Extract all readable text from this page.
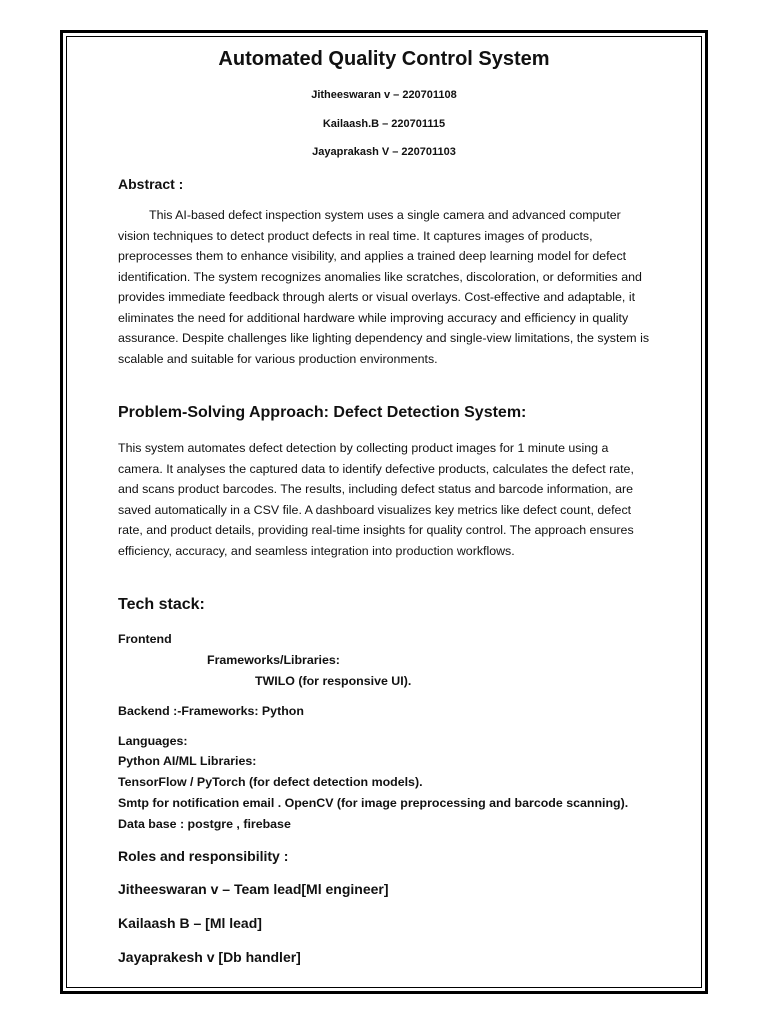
Automated Quality Control System
Jitheeswaran v – 220701108
Kailaash.B – 220701115
Jayaprakash V – 220701103
Abstract :
This AI-based defect inspection system uses a single camera and advanced computer vision techniques to detect product defects in real time. It captures images of products, preprocesses them to enhance visibility, and applies a trained deep learning model for defect identification. The system recognizes anomalies like scratches, discoloration, or deformities and provides immediate feedback through alerts or visual overlays. Cost-effective and adaptable, it eliminates the need for additional hardware while improving accuracy and efficiency in quality assurance. Despite challenges like lighting dependency and single-view limitations, the system is scalable and suitable for various production environments.
Problem-Solving Approach: Defect Detection System:
This system automates defect detection by collecting product images for 1 minute using a camera. It analyses the captured data to identify defective products, calculates the defect rate, and scans product barcodes. The results, including defect status and barcode information, are saved automatically in a CSV file. A dashboard visualizes key metrics like defect count, defect rate, and product details, providing real-time insights for quality control. The approach ensures efficiency, accuracy, and seamless integration into production workflows.
Tech stack:
Frontend
Frameworks/Libraries:
TWILO (for responsive UI).
Backend :-Frameworks: Python
Languages:
Python AI/ML Libraries:
TensorFlow / PyTorch (for defect detection models).
Smtp for notification email . OpenCV (for image preprocessing and barcode scanning).
Data base : postgre , firebase
Roles and responsibility :
Jitheeswaran v – Team lead[Ml engineer]
Kailaash B – [Ml lead]
Jayaprakesh v [Db handler]
